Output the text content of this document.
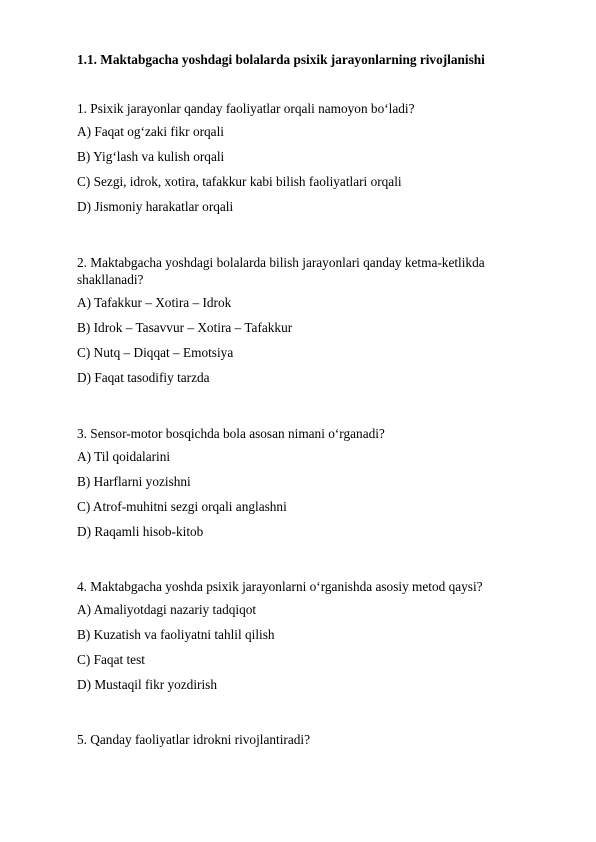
1.1. Maktabgacha yoshdagi bolalarda psixik jarayonlarning rivojlanishi

1. Psixik jarayonlar qanday faoliyatlar orqali namoyon bo‘ladi?

A) Faqat og‘zaki fikr orqali
B) Yig‘lash va kulish orqali
C) Sezgi, idrok, xotira, tafakkur kabi bilish faoliyatlari orqali
D) Jismoniy harakatlar orqali

2. Maktabgacha yoshdagi bolalarda bilish jarayonlari qanday ketma-ketlikda shakllanadi?

A) Tafakkur – Xotira – Idrok
B) Idrok – Tasavvur – Xotira – Tafakkur
C) Nutq – Diqqat – Emotsiya
D) Faqat tasodifiy tarzda

3. Sensor-motor bosqichda bola asosan nimani o‘rganadi?

A) Til qoidalarini
B) Harflarni yozishni
C) Atrof-muhitni sezgi orqali anglashni
D) Raqamli hisob-kitob

4. Maktabgacha yoshda psixik jarayonlarni o‘rganishda asosiy metod qaysi?

A) Amaliyotdagi nazariy tadqiqot
B) Kuzatish va faoliyatni tahlil qilish
C) Faqat test
D) Mustaqil fikr yozdirish

5. Qanday faoliyatlar idrokni rivojlantiradi?
